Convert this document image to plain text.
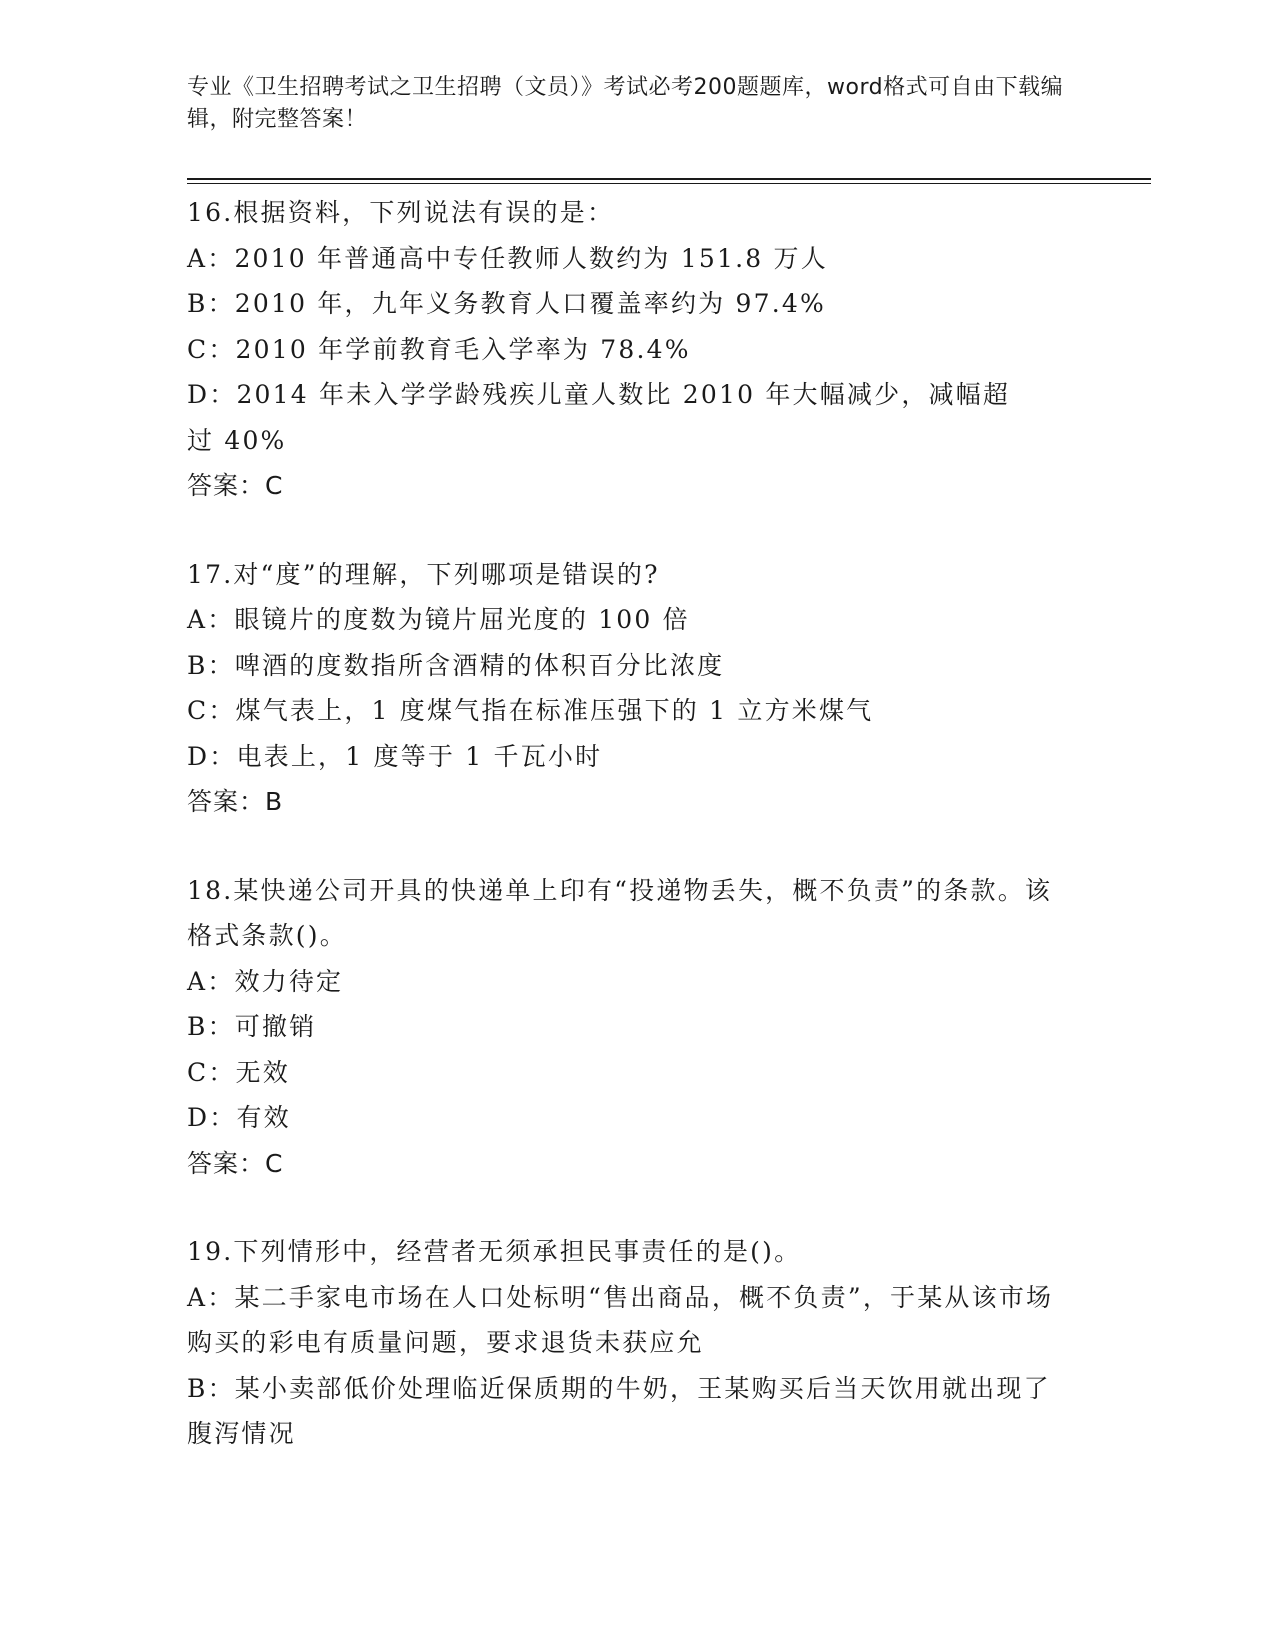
专业《卫生招聘考试之卫生招聘（文员）》考试必考200题题库，word格式可自由下载编辑，附完整答案！
16.根据资料，下列说法有误的是：
A：2010 年普通高中专任教师人数约为 151.8 万人
B：2010 年，九年义务教育人口覆盖率约为 97.4%
C：2010 年学前教育毛入学率为 78.4%
D：2014 年未入学学龄残疾儿童人数比 2010 年大幅减少，减幅超过 40%
答案：C
17.对“度”的理解，下列哪项是错误的?
A：眼镜片的度数为镜片屈光度的 100 倍
B：啤酒的度数指所含酒精的体积百分比浓度
C：煤气表上，1 度煤气指在标准压强下的 1 立方米煤气
D：电表上，1 度等于 1 千瓦小时
答案：B
18.某快递公司开具的快递单上印有“投递物丢失，概不负责”的条款。该格式条款()。
A：效力待定
B：可撤销
C：无效
D：有效
答案：C
19.下列情形中，经营者无须承担民事责任的是()。
A：某二手家电市场在人口处标明“售出商品，概不负责”，于某从该市场购买的彩电有质量问题，要求退货未获应允
B：某小卖部低价处理临近保质期的牛奶，王某购买后当天饮用就出现了腹泻情况
